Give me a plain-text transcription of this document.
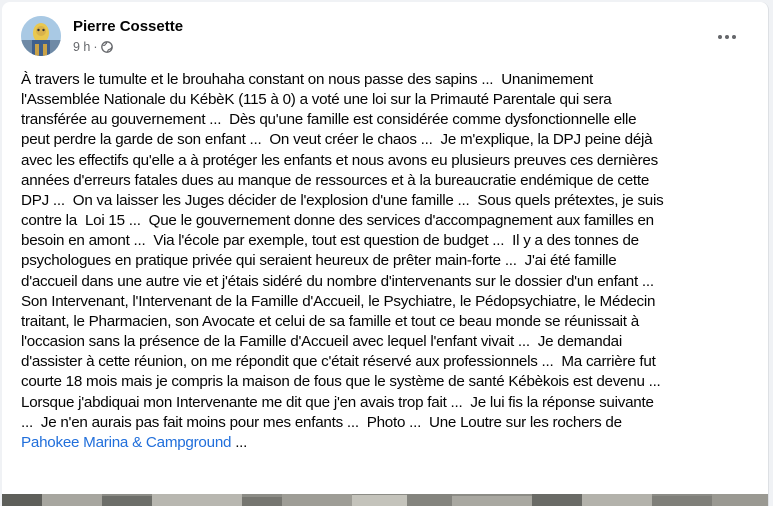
Pierre Cossette
9 h ·
À travers le tumulte et le brouhaha constant on nous passe des sapins ...  Unanimement
l'Assemblée Nationale du KébèK (115 à 0) a voté une loi sur la Primauté Parentale qui sera
transférée au gouvernement ...  Dès qu'une famille est considérée comme dysfonctionnelle elle
peut perdre la garde de son enfant ...  On veut créer le chaos ...  Je m'explique, la DPJ peine déjà
avec les effectifs qu'elle a à protéger les enfants et nous avons eu plusieurs preuves ces dernières
années d'erreurs fatales dues au manque de ressources et à la bureaucratie endémique de cette
DPJ ...  On va laisser les Juges décider de l'explosion d'une famille ...  Sous quels prétextes, je suis
contre la  Loi 15 ...  Que le gouvernement donne des services d'accompagnement aux familles en
besoin en amont ...  Via l'école par exemple, tout est question de budget ...  Il y a des tonnes de
psychologues en pratique privée qui seraient heureux de prêter main-forte ...  J'ai été famille
d'accueil dans une autre vie et j'étais sidéré du nombre d'intervenants sur le dossier d'un enfant ...
Son Intervenant, l'Intervenant de la Famille d'Accueil, le Psychiatre, le Pédopsychiatre, le Médecin
traitant, le Pharmacien, son Avocate et celui de sa famille et tout ce beau monde se réunissait à
l'occasion sans la présence de la Famille d'Accueil avec lequel l'enfant vivait ...  Je demandai
d'assister à cette réunion, on me répondit que c'était réservé aux professionnels ...  Ma carrière fut
courte 18 mois mais je compris la maison de fous que le système de santé Kébèkois est devenu ...
Lorsque j'abdiquai mon Intervenante me dit que j'en avais trop fait ...  Je lui fis la réponse suivante
...  Je n'en aurais pas fait moins pour mes enfants ...  Photo ...  Une Loutre sur les rochers de
Pahokee Marina & Campground ...
